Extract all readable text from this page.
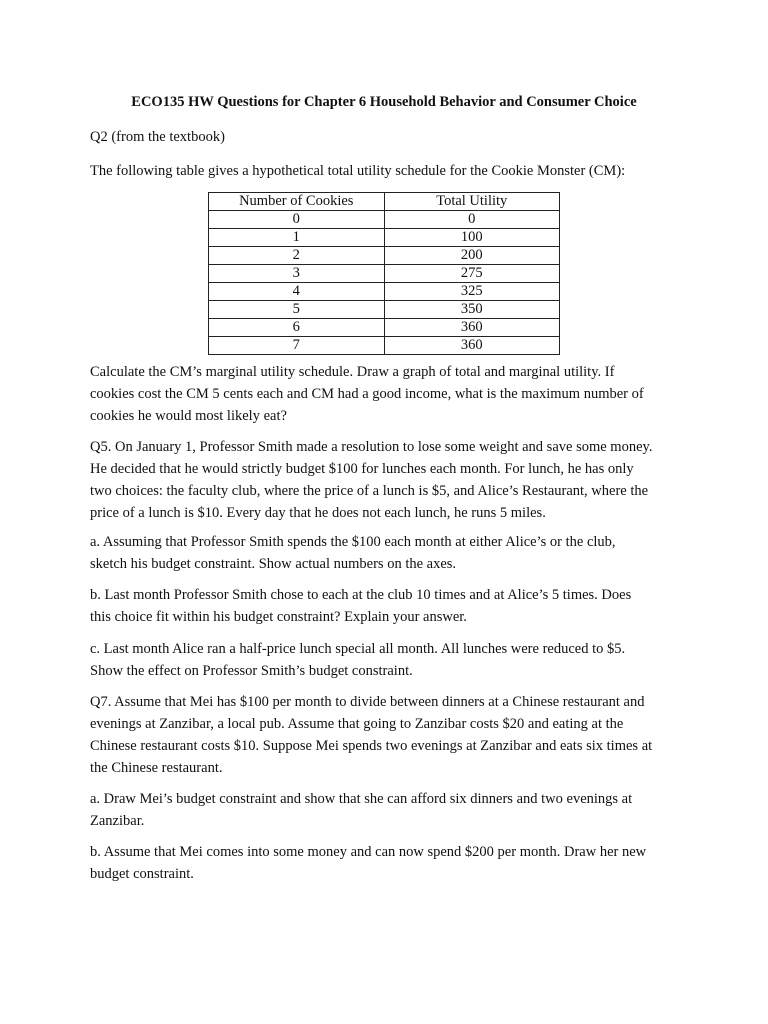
ECO135 HW Questions for Chapter 6 Household Behavior and Consumer Choice

Q2 (from the textbook)

The following table gives a hypothetical total utility schedule for the Cookie Monster (CM):

Number of Cookies	Total Utility
0	0
1	100
2	200
3	275
4	325
5	350
6	360
7	360

Calculate the CM’s marginal utility schedule. Draw a graph of total and marginal utility. If

cookies cost the CM 5 cents each and CM had a good income, what is the maximum number of

cookies he would most likely eat?

Q5. On January 1, Professor Smith made a resolution to lose some weight and save some money.

He decided that he would strictly budget $100 for lunches each month. For lunch, he has only

two choices: the faculty club, where the price of a lunch is $5, and Alice’s Restaurant, where the

price of a lunch is $10. Every day that he does not each lunch, he runs 5 miles.

a. Assuming that Professor Smith spends the $100 each month at either Alice’s or the club,

sketch his budget constraint. Show actual numbers on the axes.

b. Last month Professor Smith chose to each at the club 10 times and at Alice’s 5 times. Does

this choice fit within his budget constraint? Explain your answer.

c. Last month Alice ran a half-price lunch special all month. All lunches were reduced to $5.

Show the effect on Professor Smith’s budget constraint.

Q7. Assume that Mei has $100 per month to divide between dinners at a Chinese restaurant and

evenings at Zanzibar, a local pub. Assume that going to Zanzibar costs $20 and eating at the

Chinese restaurant costs $10. Suppose Mei spends two evenings at Zanzibar and eats six times at

the Chinese restaurant.

a. Draw Mei’s budget constraint and show that she can afford six dinners and two evenings at

Zanzibar.

b. Assume that Mei comes into some money and can now spend $200 per month. Draw her new

budget constraint.
